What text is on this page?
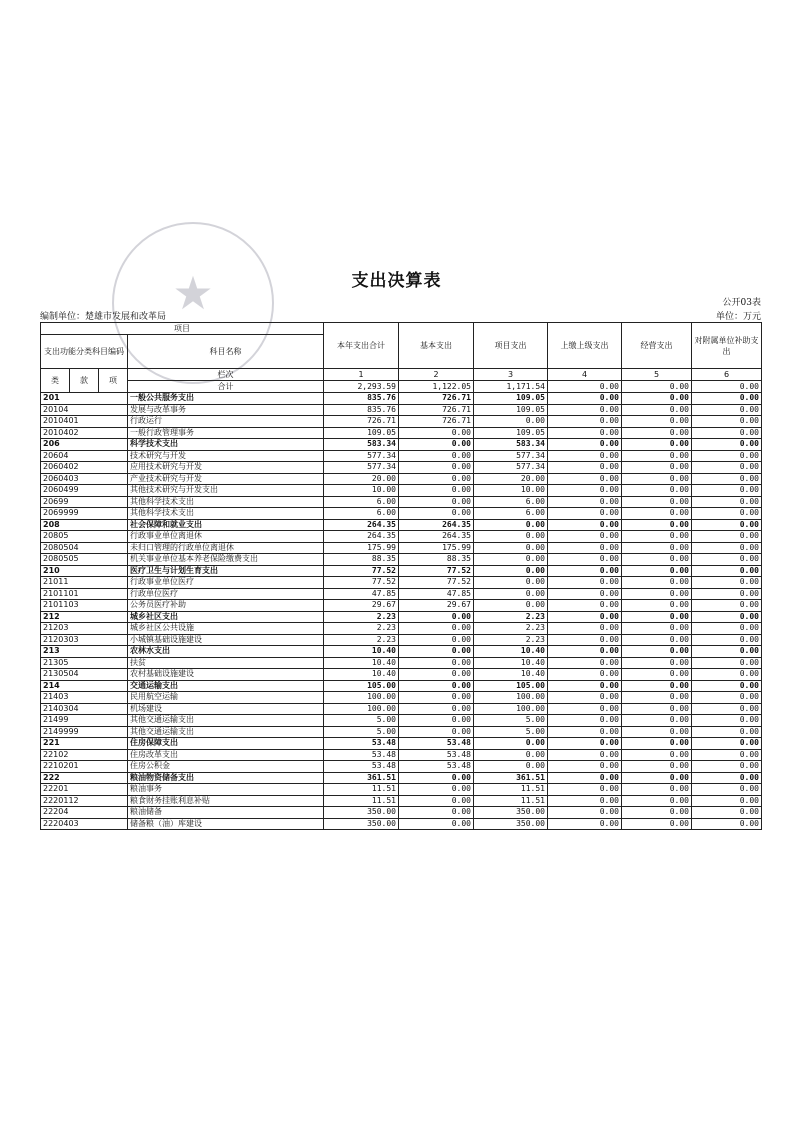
★	支出决算表
公开03表
编制单位：楚雄市发展和改革局	单位：万元
项目				本年支出合计	基本支出	项目支出	上缴上级支出	经营支出	对附属单位补助支出
支出功能分类科目编码			科目名称						
类	款	项	栏次	1	2	3	4	5	6
			合计	2,293.59	1,122.05	1,171.54	0.00	0.00	0.00
201			一般公共服务支出	835.76	726.71	109.05	0.00	0.00	0.00
20104			发展与改革事务	835.76	726.71	109.05	0.00	0.00	0.00
2010401			行政运行	726.71	726.71	0.00	0.00	0.00	0.00
2010402			一般行政管理事务	109.05	0.00	109.05	0.00	0.00	0.00
206			科学技术支出	583.34	0.00	583.34	0.00	0.00	0.00
20604			技术研究与开发	577.34	0.00	577.34	0.00	0.00	0.00
2060402			应用技术研究与开发	577.34	0.00	577.34	0.00	0.00	0.00
2060403			产业技术研究与开发	20.00	0.00	20.00	0.00	0.00	0.00
2060499			其他技术研究与开发支出	10.00	0.00	10.00	0.00	0.00	0.00
20699			其他科学技术支出	6.00	0.00	6.00	0.00	0.00	0.00
2069999			其他科学技术支出	6.00	0.00	6.00	0.00	0.00	0.00
208			社会保障和就业支出	264.35	264.35	0.00	0.00	0.00	0.00
20805			行政事业单位离退休	264.35	264.35	0.00	0.00	0.00	0.00
2080504			未归口管理的行政单位离退休	175.99	175.99	0.00	0.00	0.00	0.00
2080505			机关事业单位基本养老保险缴费支出	88.35	88.35	0.00	0.00	0.00	0.00
210			医疗卫生与计划生育支出	77.52	77.52	0.00	0.00	0.00	0.00
21011			行政事业单位医疗	77.52	77.52	0.00	0.00	0.00	0.00
2101101			行政单位医疗	47.85	47.85	0.00	0.00	0.00	0.00
2101103			公务员医疗补助	29.67	29.67	0.00	0.00	0.00	0.00
212			城乡社区支出	2.23	0.00	2.23	0.00	0.00	0.00
21203			城乡社区公共设施	2.23	0.00	2.23	0.00	0.00	0.00
2120303			小城镇基础设施建设	2.23	0.00	2.23	0.00	0.00	0.00
213			农林水支出	10.40	0.00	10.40	0.00	0.00	0.00
21305			扶贫	10.40	0.00	10.40	0.00	0.00	0.00
2130504			农村基础设施建设	10.40	0.00	10.40	0.00	0.00	0.00
214			交通运输支出	105.00	0.00	105.00	0.00	0.00	0.00
21403			民用航空运输	100.00	0.00	100.00	0.00	0.00	0.00
2140304			机场建设	100.00	0.00	100.00	0.00	0.00	0.00
21499			其他交通运输支出	5.00	0.00	5.00	0.00	0.00	0.00
2149999			其他交通运输支出	5.00	0.00	5.00	0.00	0.00	0.00
221			住房保障支出	53.48	53.48	0.00	0.00	0.00	0.00
22102			住房改革支出	53.48	53.48	0.00	0.00	0.00	0.00
2210201			住房公积金	53.48	53.48	0.00	0.00	0.00	0.00
222			粮油物资储备支出	361.51	0.00	361.51	0.00	0.00	0.00
22201			粮油事务	11.51	0.00	11.51	0.00	0.00	0.00
2220112			粮食财务挂账利息补贴	11.51	0.00	11.51	0.00	0.00	0.00
22204			粮油储备	350.00	0.00	350.00	0.00	0.00	0.00
2220403			储备粮（油）库建设	350.00	0.00	350.00	0.00	0.00	0.00
